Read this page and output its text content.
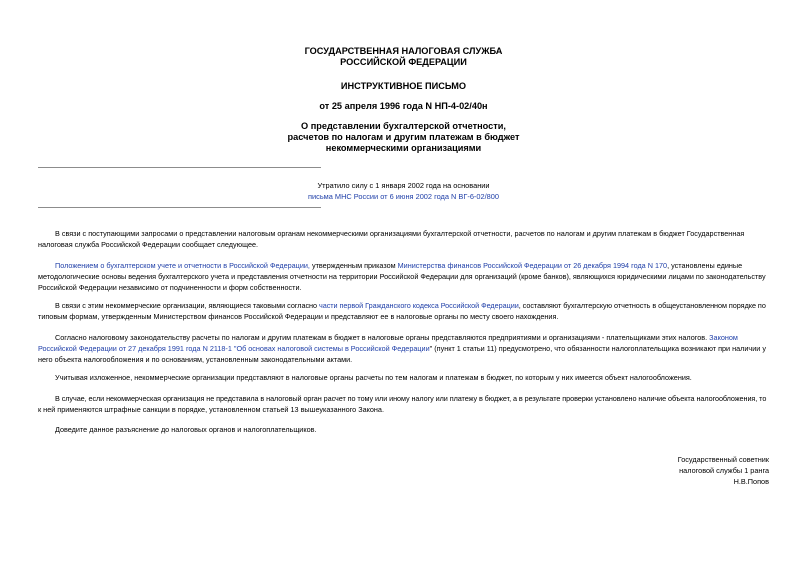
ГОСУДАРСТВЕННАЯ НАЛОГОВАЯ СЛУЖБА
РОССИЙСКОЙ ФЕДЕРАЦИИ
ИНСТРУКТИВНОЕ ПИСЬМО
от 25 апреля 1996 года N НП-4-02/40н
О представлении бухгалтерской отчетности,
расчетов по налогам и другим платежам в бюджет
некоммерческими организациями
Утратило силу с 1 января 2002 года на основании
письма МНС России от 6 июня 2002 года N ВГ-6-02/800
В связи с поступающими запросами о представлении налоговым органам некоммерческими организациями бухгалтерской отчетности, расчетов по налогам и другим платежам в бюджет Государственная
налоговая служба Российской Федерации сообщает следующее.
Положением о бухгалтерском учете и отчетности в Российской Федерации, утвержденным приказом Министерства финансов Российской Федерации от 26 декабря 1994 года N 170, установлены единые
методологические основы ведения бухгалтерского учета и представления отчетности на территории Российской Федерации для организаций (кроме банков), являющихся юридическими лицами по законодательству
Российской Федерации независимо от подчиненности и форм собственности.
В связи с этим некоммерческие организации, являющиеся таковыми согласно части первой Гражданского кодекса Российской Федерации, составляют бухгалтерскую отчетность в общеустановленном порядке по
типовым формам, утвержденным Министерством финансов Российской Федерации и представляют ее в налоговые органы по месту своего нахождения.
Согласно налоговому законодательству расчеты по налогам и другим платежам в бюджет в налоговые органы представляются предприятиями и организациями - плательщиками этих налогов. Законом
Российской Федерации от 27 декабря 1991 года N 2118-1 "Об основах налоговой системы в Российской Федерации" (пункт 1 статьи 11) предусмотрено, что обязанности налогоплательщика возникают при наличии у
него объекта налогообложения и по основаниям, установленным законодательными актами.
Учитывая изложенное, некоммерческие организации представляют в налоговые органы расчеты по тем налогам и платежам в бюджет, по которым у них имеется объект налогообложения.
В случае, если некоммерческая организация не представила в налоговый орган расчет по тому или иному налогу или платежу в бюджет, а в результате проверки установлено наличие объекта налогообложения, то
к ней применяются штрафные санкции в порядке, установленном статьей 13 вышеуказанного Закона.
Доведите данное разъяснение до налоговых органов и налогоплательщиков.
Государственный советник
налоговой службы 1 ранга
Н.В.Попов
